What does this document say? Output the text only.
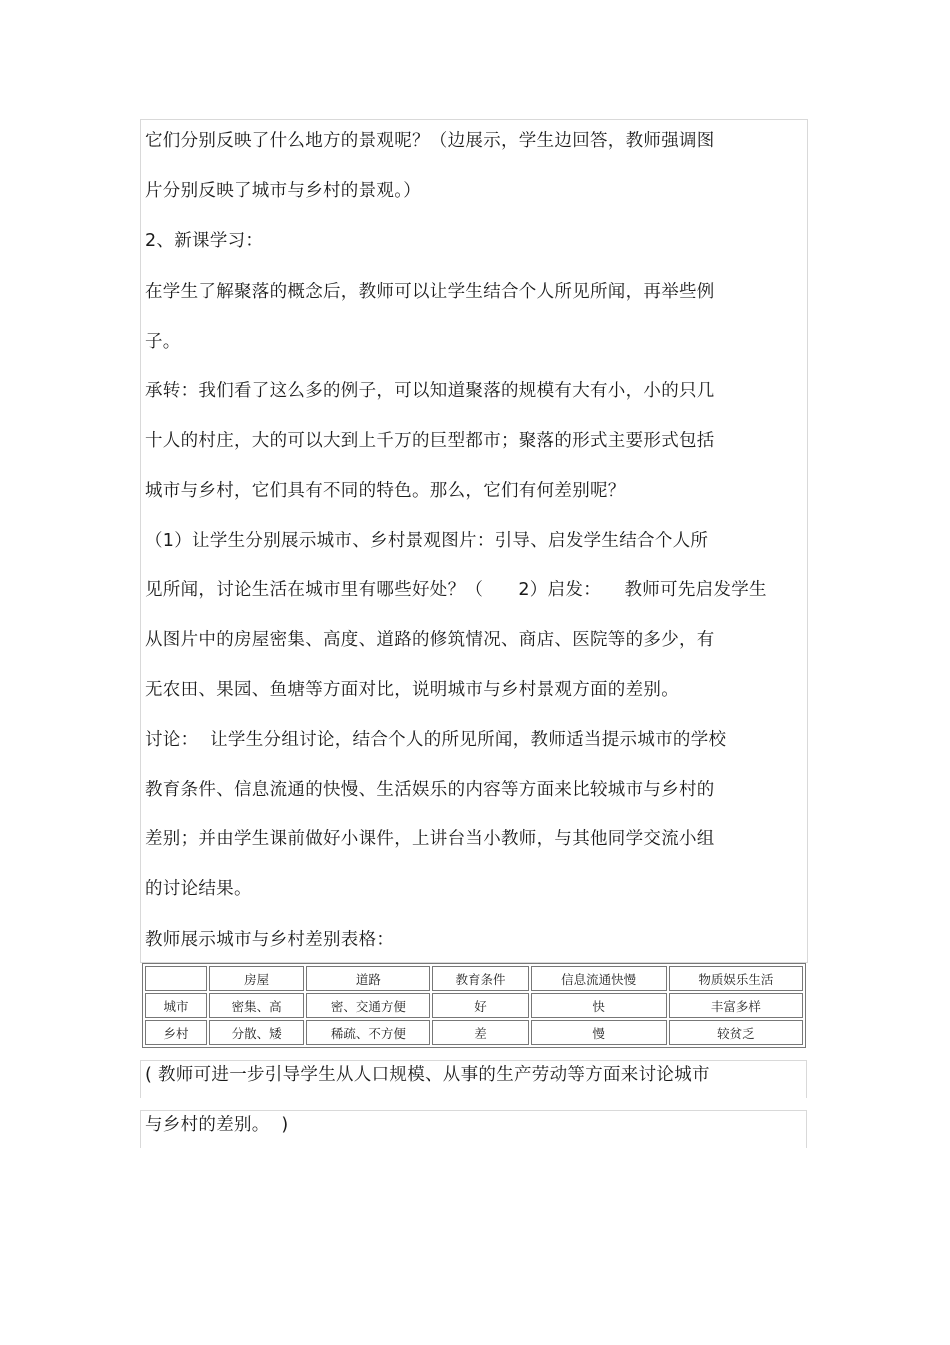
它们分别反映了什么地方的景观呢？（边展示，学生边回答，教师强调图
片分别反映了城市与乡村的景观。）
2、新课学习：
在学生了解聚落的概念后，教师可以让学生结合个人所见所闻，再举些例
子。
承转：我们看了这么多的例子，可以知道聚落的规模有大有小，小的只几
十人的村庄，大的可以大到上千万的巨型都市；聚落的形式主要形式包括
城市与乡村，它们具有不同的特色。那么，它们有何差别呢？
（1）让学生分别展示城市、乡村景观图片：引导、启发学生结合个人所
见所闻，讨论生活在城市里有哪些好处？（      2）启发：    教师可先启发学生
从图片中的房屋密集、高度、道路的修筑情况、商店、医院等的多少，有
无农田、果园、鱼塘等方面对比，说明城市与乡村景观方面的差别。
讨论：  让学生分组讨论，结合个人的所见所闻，教师适当提示城市的学校
教育条件、信息流通的快慢、生活娱乐的内容等方面来比较城市与乡村的
差别；并由学生课前做好小课件，上讲台当小教师，与其他同学交流小组
的讨论结果。
教师展示城市与乡村差别表格：
	房屋	道路	教育条件	信息流通快慢	物质娱乐生活
城市	密集、高	密、交通方便	好	快	丰富多样
乡村	分散、矮	稀疏、不方便	差	慢	较贫乏
( 教师可进一步引导学生从人口规模、从事的生产劳动等方面来讨论城市
与乡村的差别。  )
